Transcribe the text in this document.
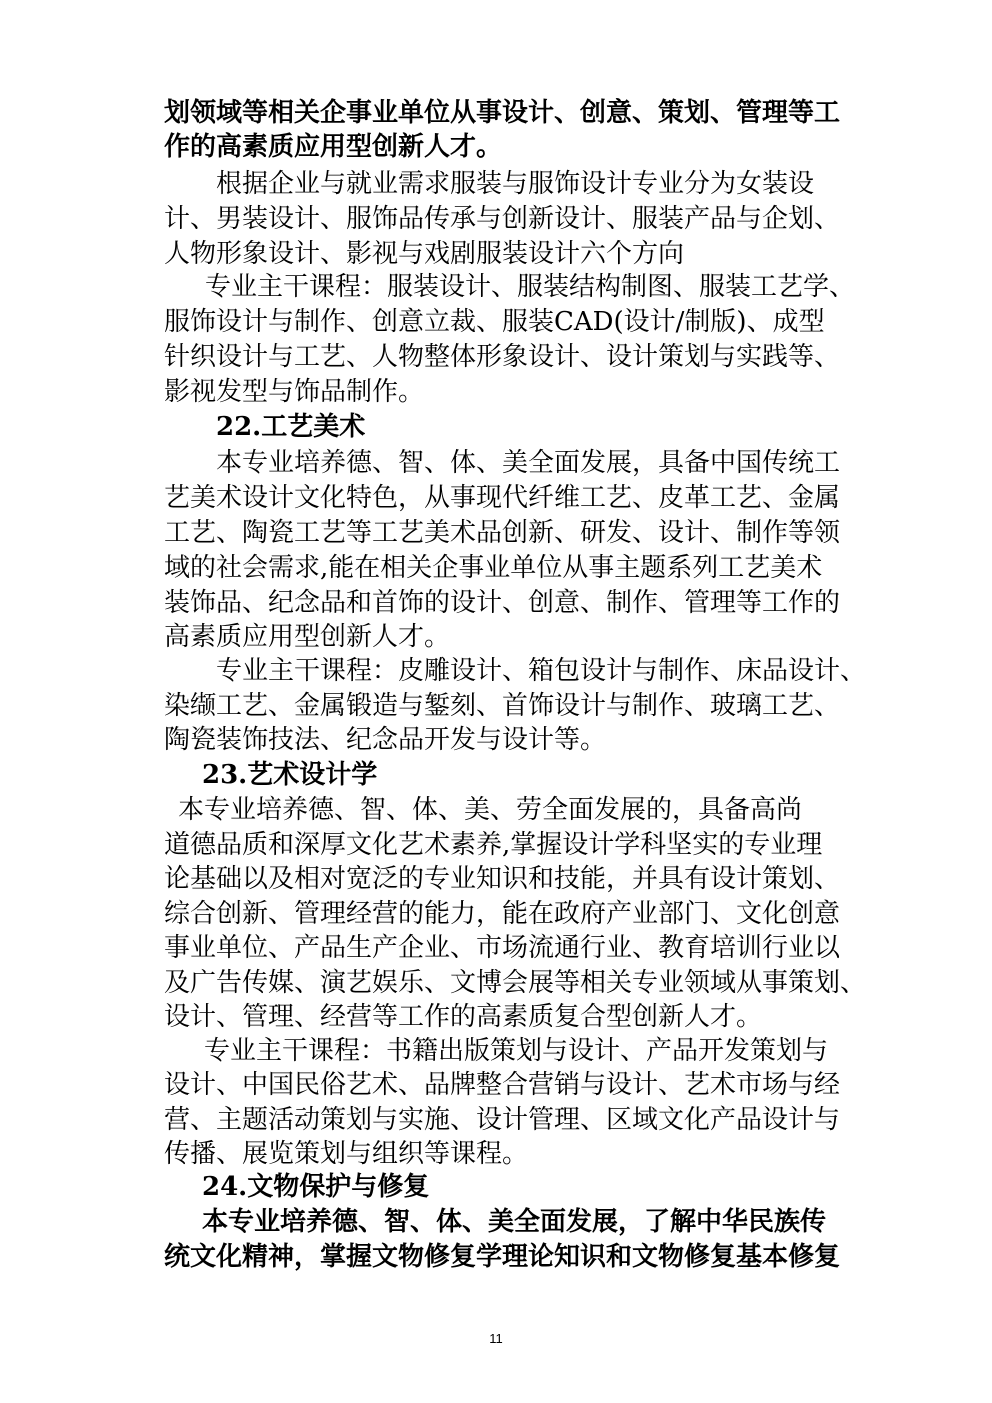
划领域等相关企事业单位从事设计、创意、策划、管理等工
作的高素质应用型创新人才。
根据企业与就业需求服装与服饰设计专业分为女装设
计、男装设计、服饰品传承与创新设计、服装产品与企划、
人物形象设计、影视与戏剧服装设计六个方向
专业主干课程：服装设计、服装结构制图、服装工艺学、
服饰设计与制作、创意立裁、服装CAD(设计/制版)、成型
针织设计与工艺、人物整体形象设计、设计策划与实践等、
影视发型与饰品制作。
22.工艺美术
本专业培养德、智、体、美全面发展，具备中国传统工
艺美术设计文化特色，从事现代纤维工艺、皮革工艺、金属
工艺、陶瓷工艺等工艺美术品创新、研发、设计、制作等领
域的社会需求,能在相关企事业单位从事主题系列工艺美术
装饰品、纪念品和首饰的设计、创意、制作、管理等工作的
高素质应用型创新人才。
专业主干课程：皮雕设计、箱包设计与制作、床品设计、
染缬工艺、金属锻造与錾刻、首饰设计与制作、玻璃工艺、
陶瓷装饰技法、纪念品开发与设计等。
23.艺术设计学
本专业培养德、智、体、美、劳全面发展的，具备高尚
道德品质和深厚文化艺术素养,掌握设计学科坚实的专业理
论基础以及相对宽泛的专业知识和技能，并具有设计策划、
综合创新、管理经营的能力，能在政府产业部门、文化创意
事业单位、产品生产企业、市场流通行业、教育培训行业以
及广告传媒、演艺娱乐、文博会展等相关专业领域从事策划、
设计、管理、经营等工作的高素质复合型创新人才。
专业主干课程：书籍出版策划与设计、产品开发策划与
设计、中国民俗艺术、品牌整合营销与设计、艺术市场与经
营、主题活动策划与实施、设计管理、区域文化产品设计与
传播、展览策划与组织等课程。
24.文物保护与修复
本专业培养德、智、体、美全面发展，了解中华民族传
统文化精神，掌握文物修复学理论知识和文物修复基本修复
11
